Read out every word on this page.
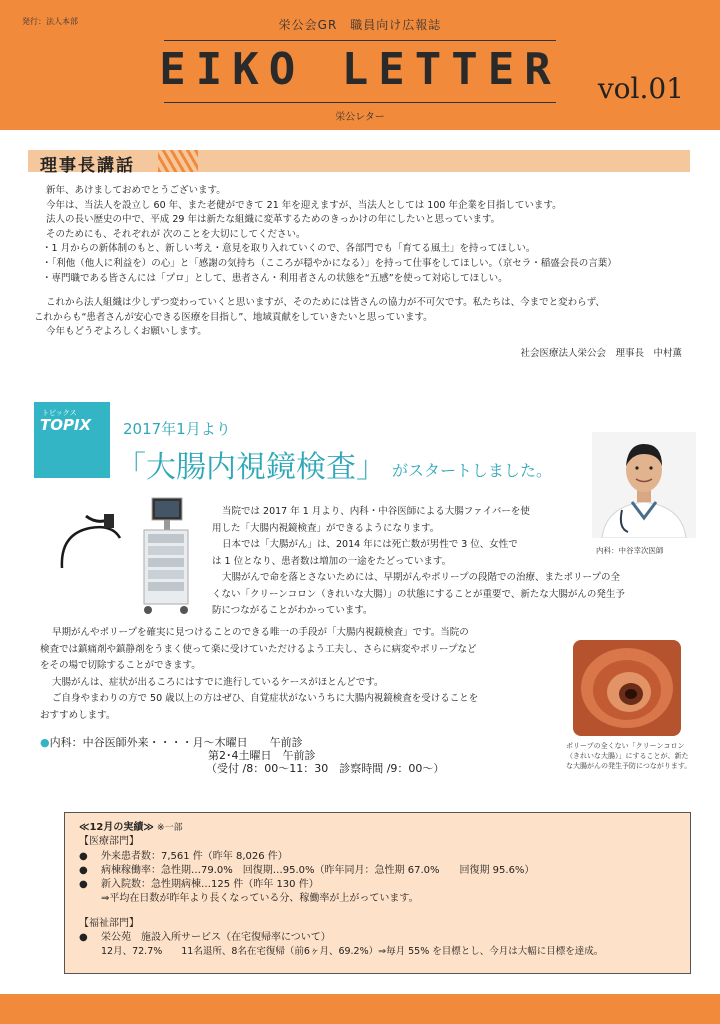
発行：法人本部	栄公会GR　職員向け広報誌
EIKO LETTER
栄公レター
vol.01
理事長講話
新年、あけましておめでとうございます。
今年は、当法人を設立し 60 年、また老健ができて 21 年を迎えますが、当法人としては 100 年企業を目指しています。
法人の長い歴史の中で、平成 29 年は新たな組織に変革するためのきっかけの年にしたいと思っています。
そのためにも、それぞれが 次のことを大切にしてください。
・1 月からの新体制のもと、新しい考え・意見を取り入れていくので、各部門でも「育てる風土」を持ってほしい。
・「利他（他人に利益を）の心」と「感謝の気持ち（こころが穏やかになる）」を持って仕事をしてほしい。（京セラ・稲盛会長の言葉）
・専門職である皆さんには「プロ」として、患者さん・利用者さんの状態を“五感”を使って対応してほしい。
これから法人組織は少しずつ変わっていくと思いますが、そのためには皆さんの協力が不可欠です。私たちは、今までと変わらず、
これからも“患者さんが安心できる医療を目指し”、地域貢献をしていきたいと思っています。
今年もどうぞよろしくお願いします。
社会医療法人栄公会　理事長　中村薫
トピックス
TOPIX 2017年1月より
「大腸内視鏡検査」 がスタートしました。
内科：中谷幸次医師
当院では 2017 年 1 月より、内科・中谷医師による大腸ファイバーを使
用した「大腸内視鏡検査」ができるようになります。
日本では「大腸がん」は、2014 年には死亡数が男性で 3 位、女性で
は 1 位となり、患者数は増加の一途をたどっています。
大腸がんで命を落とさないためには、早期がんやポリープの段階での治療、またポリープの全
くない「クリーンコロン（きれいな大腸）」の状態にすることが重要で、新たな大腸がんの発生予
防につながることがわかっています。
早期がんやポリープを確実に見つけることのできる唯一の手段が「大腸内視鏡検査」です。当院の
検査では鎮痛剤や鎮静剤をうまく使って楽に受けていただけるよう工夫し、さらに病変やポリープなど
をその場で切除することができます。
大腸がんは、症状が出るころにはすでに進行しているケースがほとんどです。
ご自身やまわりの方で 50 歳以上の方はぜひ、自覚症状がないうちに大腸内視鏡検査を受けることを
おすすめします。
ポリープの全くない「クリーンコロン（きれいな大腸）」にすることが、新たな大腸がんの発生予防につながります。
●内科：中谷医師外来・・・・月～木曜日　　午前診
第2･4土曜日　午前診
（受付 /8：00～11：30　診察時間 /9：00～）
≪12月の実績≫ ※一部
【医療部門】
● 外来患者数：7,561 件（昨年 8,026 件）
● 病棟稼働率：急性期…79.0%　回復期…95.0%（昨年同月：急性期 67.0%　　回復期 95.6%）
● 新入院数：急性期病棟…125 件（昨年 130 件）
⇒平均在日数が昨年より長くなっている分、稼働率が上がっています。
【福祉部門】
● 栄公苑　施設入所サービス（在宅復帰率について）
12月、72.7%　　11名退所、8名在宅復帰（前6ヶ月、69.2%）⇒毎月 55% を目標とし、今月は大幅に目標を達成。
